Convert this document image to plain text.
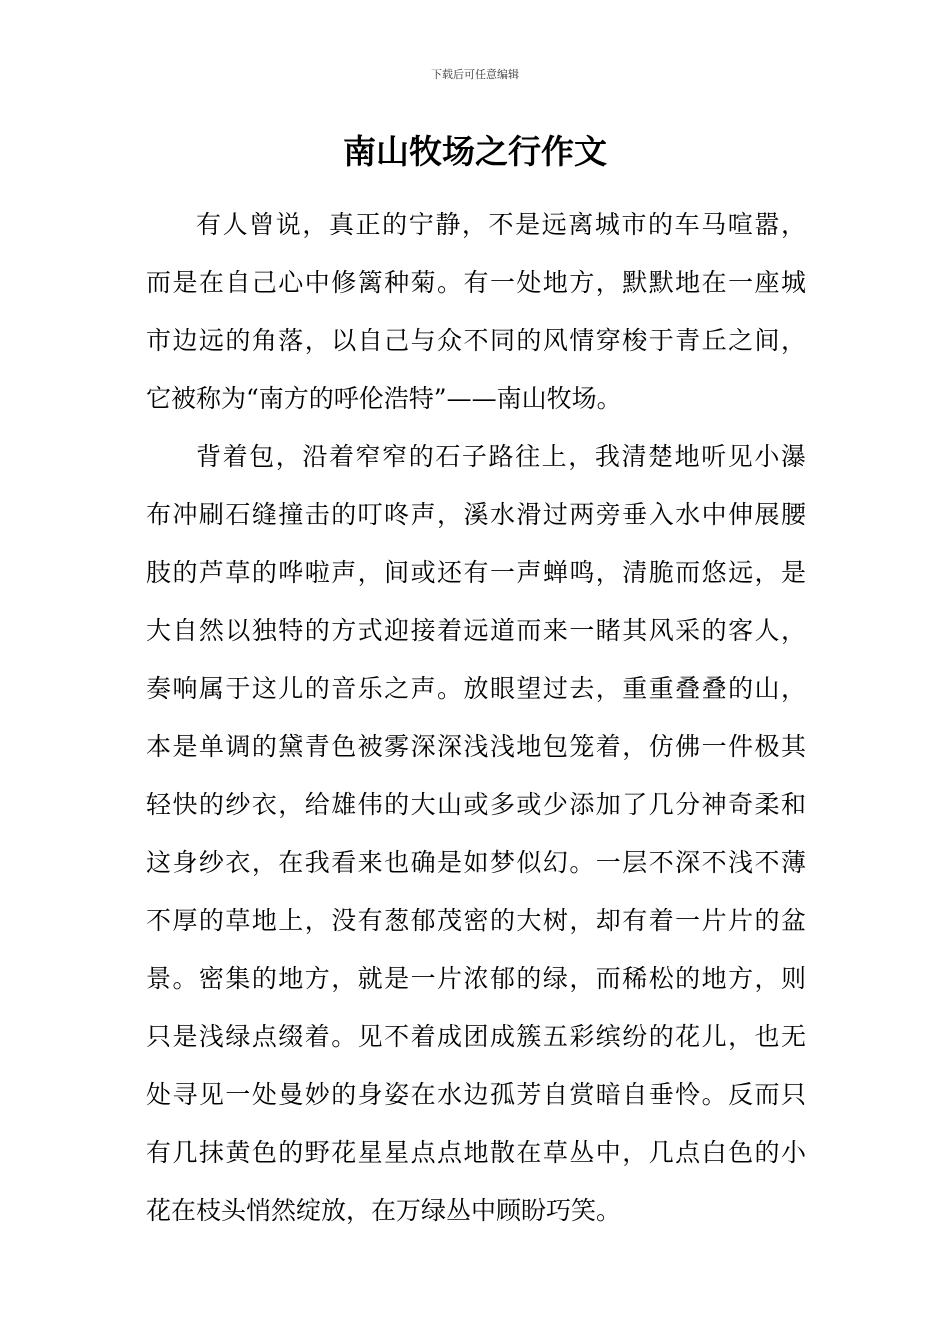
下载后可任意编辑
南山牧场之行作文
有人曾说，真正的宁静，不是远离城市的车马喧嚣，
而是在自己心中修篱种菊。有一处地方，默默地在一座城
市边远的角落，以自己与众不同的风情穿梭于青丘之间，
它被称为“南方的呼伦浩特”——南山牧场。
背着包，沿着窄窄的石子路往上，我清楚地听见小瀑
布冲刷石缝撞击的叮咚声，溪水滑过两旁垂入水中伸展腰
肢的芦草的哗啦声，间或还有一声蝉鸣，清脆而悠远，是
大自然以独特的方式迎接着远道而来一睹其风采的客人，
奏响属于这儿的音乐之声。放眼望过去，重重叠叠的山，
本是单调的黛青色被雾深深浅浅地包笼着，仿佛一件极其
轻快的纱衣，给雄伟的大山或多或少添加了几分神奇柔和
这身纱衣，在我看来也确是如梦似幻。一层不深不浅不薄
不厚的草地上，没有葱郁茂密的大树，却有着一片片的盆
景。密集的地方，就是一片浓郁的绿，而稀松的地方，则
只是浅绿点缀着。见不着成团成簇五彩缤纷的花儿，也无
处寻见一处曼妙的身姿在水边孤芳自赏暗自垂怜。反而只
有几抹黄色的野花星星点点地散在草丛中，几点白色的小
花在枝头悄然绽放，在万绿丛中顾盼巧笑。
